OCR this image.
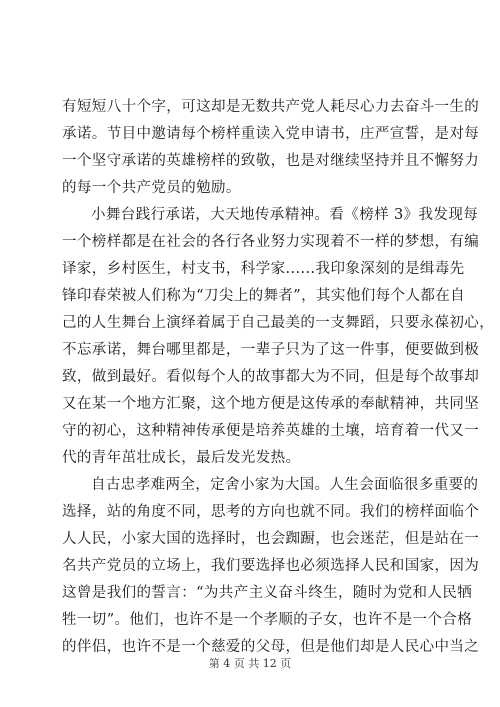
有短短八十个字，可这却是无数共产党人耗尽心力去奋斗一生的
承诺。节目中邀请每个榜样重读入党申请书，庄严宣誓，是对每
一个坚守承诺的英雄榜样的致敬，也是对继续坚持并且不懈努力
的每一个共产党员的勉励。
小舞台践行承诺，大天地传承精神。看《榜样 3》我发现每
一个榜样都是在社会的各行各业努力实现着不一样的梦想，有编
译家，乡村医生，村支书，科学家......我印象深刻的是缉毒先
锋印春荣被人们称为“刀尖上的舞者”，其实他们每个人都在自
己的人生舞台上演绎着属于自己最美的一支舞蹈，只要永葆初心，
不忘承诺，舞台哪里都是，一辈子只为了这一件事，便要做到极
致，做到最好。看似每个人的故事都大为不同，但是每个故事却
又在某一个地方汇聚，这个地方便是这传承的奉献精神，共同坚
守的初心，这种精神传承便是培养英雄的土壤，培育着一代又一
代的青年茁壮成长，最后发光发热。
自古忠孝难两全，定舍小家为大国。人生会面临很多重要的
选择，站的角度不同，思考的方向也就不同。我们的榜样面临个
人人民，小家大国的选择时，也会踟蹰，也会迷茫，但是站在一
名共产党员的立场上，我们要选择也必须选择人民和国家，因为
这曾是我们的誓言：“为共产主义奋斗终生，随时为党和人民牺
牲一切”。他们，也许不是一个孝顺的子女，也许不是一个合格
的伴侣，也许不是一个慈爱的父母，但是他们却是人民心中当之
第 4 页 共 12 页
